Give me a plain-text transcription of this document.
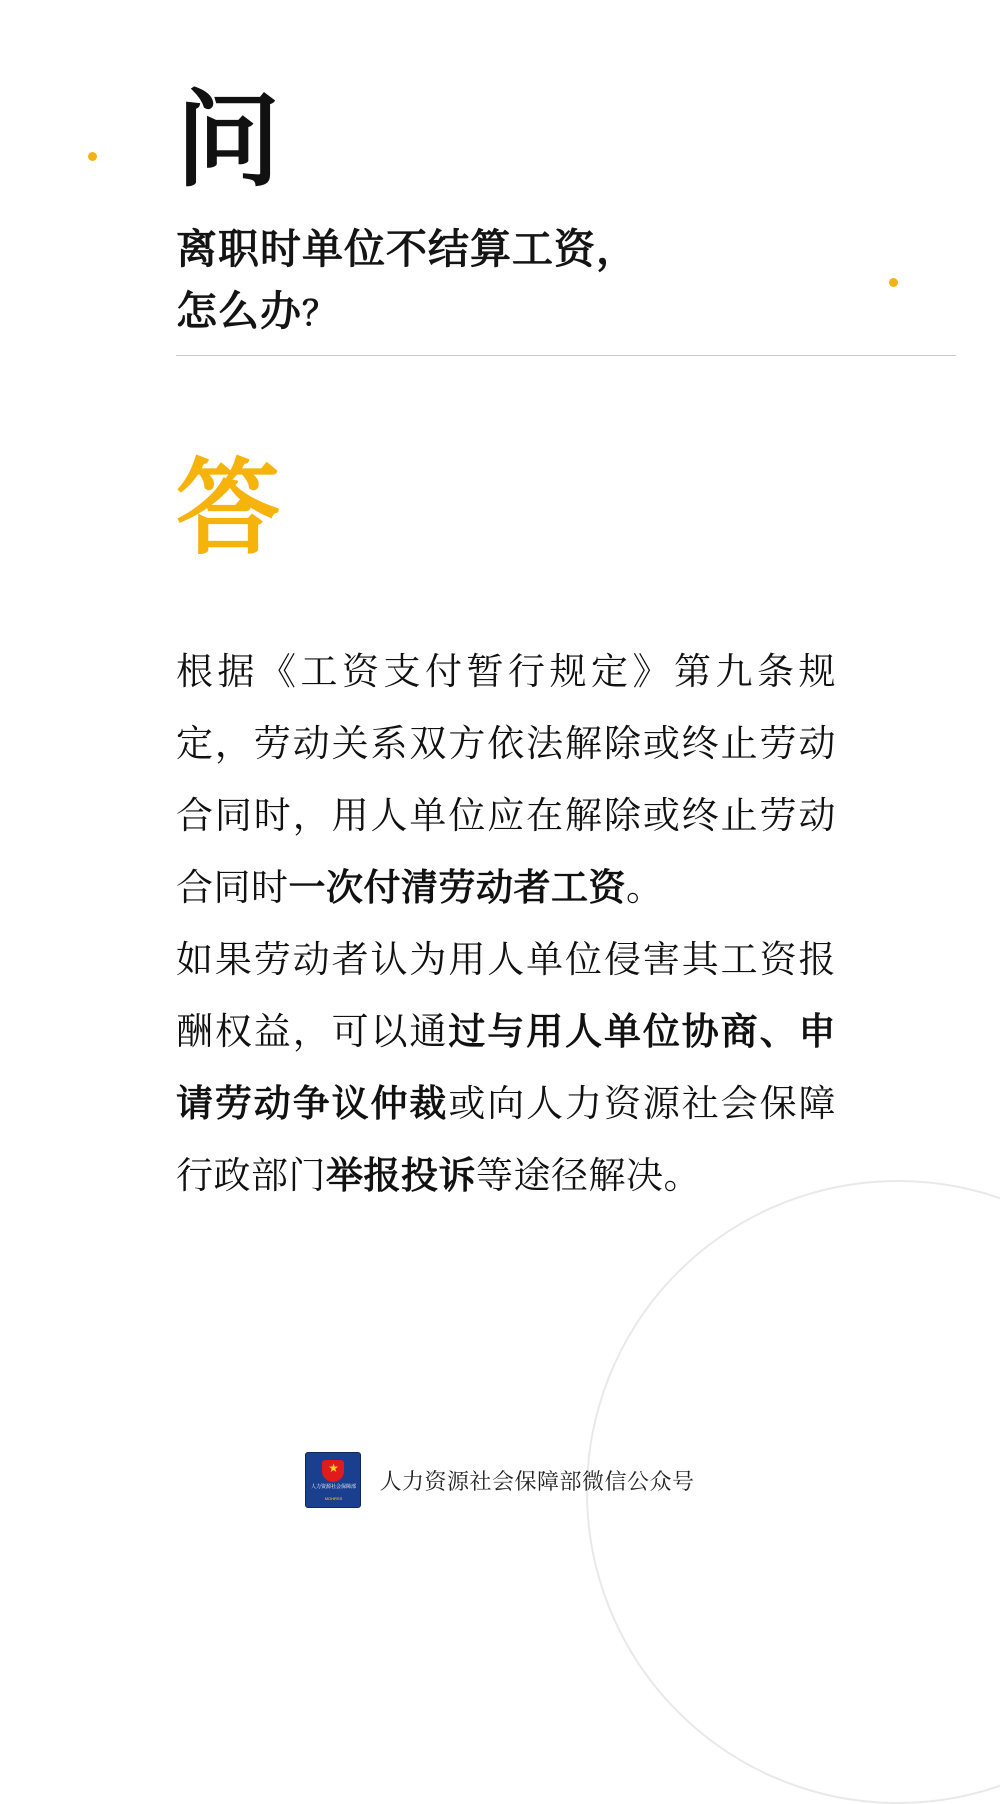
问
离职时单位不结算工资，
怎么办？
答

根据《工资支付暂行规定》第九条规定，劳动关系双方依法解除或终止劳动合同时，用人单位应在解除或终止劳动合同时一次付清劳动者工资。

如果劳动者认为用人单位侵害其工资报酬权益，可以通过与用人单位协商、申请劳动争议仲裁或向人力资源社会保障行政部门举报投诉等途径解决。

★
人力资源社会保障部
MOHRSS
人力资源社会保障部微信公众号
